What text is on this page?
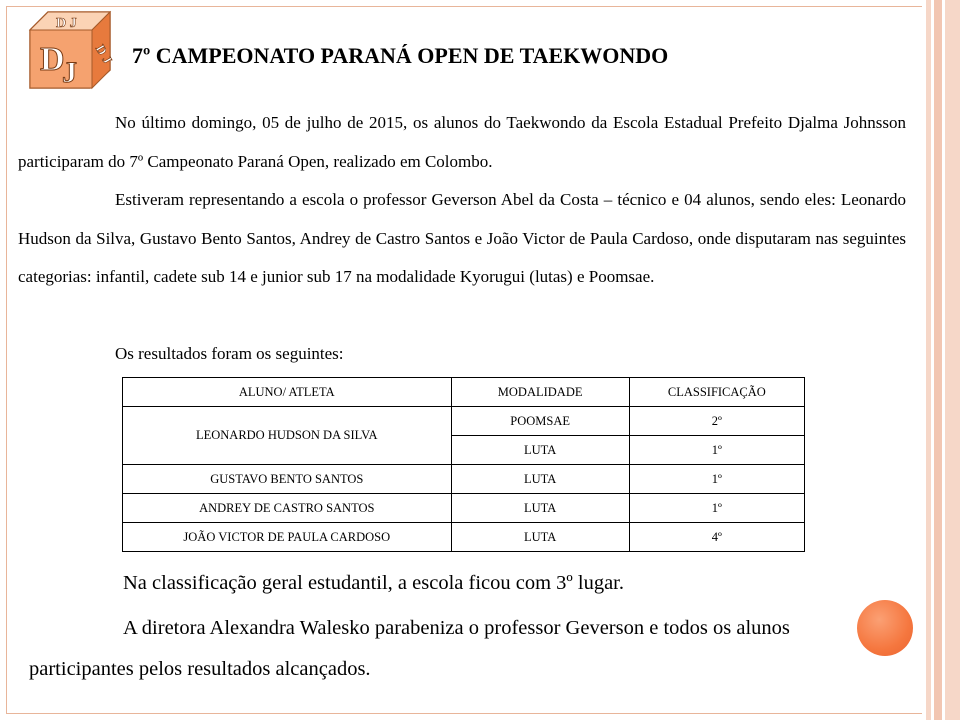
D
J
D J
D J 7º CAMPEONATO PARANÁ OPEN DE TAEKWONDO

No último domingo, 05 de julho de 2015, os alunos do Taekwondo da Escola Estadual Prefeito Djalma Johnsson participaram do 7º Campeonato Paraná Open, realizado em Colombo.

Estiveram representando a escola o professor Geverson Abel da Costa – técnico e 04 alunos, sendo eles: Leonardo Hudson da Silva, Gustavo Bento Santos, Andrey de Castro Santos e João Victor de Paula Cardoso, onde disputaram nas seguintes categorias: infantil, cadete sub 14 e junior sub 17 na modalidade Kyorugui (lutas) e Poomsae.

Os resultados foram os seguintes:

ALUNO/ ATLETA	MODALIDADE	CLASSIFICAÇÃO
LEONARDO HUDSON DA SILVA	POOMSAE	2º
	LUTA	1º
GUSTAVO BENTO SANTOS	LUTA	1º
ANDREY DE CASTRO SANTOS	LUTA	1º
JOÃO VICTOR DE PAULA CARDOSO	LUTA	4º

Na classificação geral estudantil, a escola ficou com 3º lugar.

A diretora Alexandra Walesko parabeniza o professor Geverson e todos os alunos

participantes pelos resultados alcançados.
